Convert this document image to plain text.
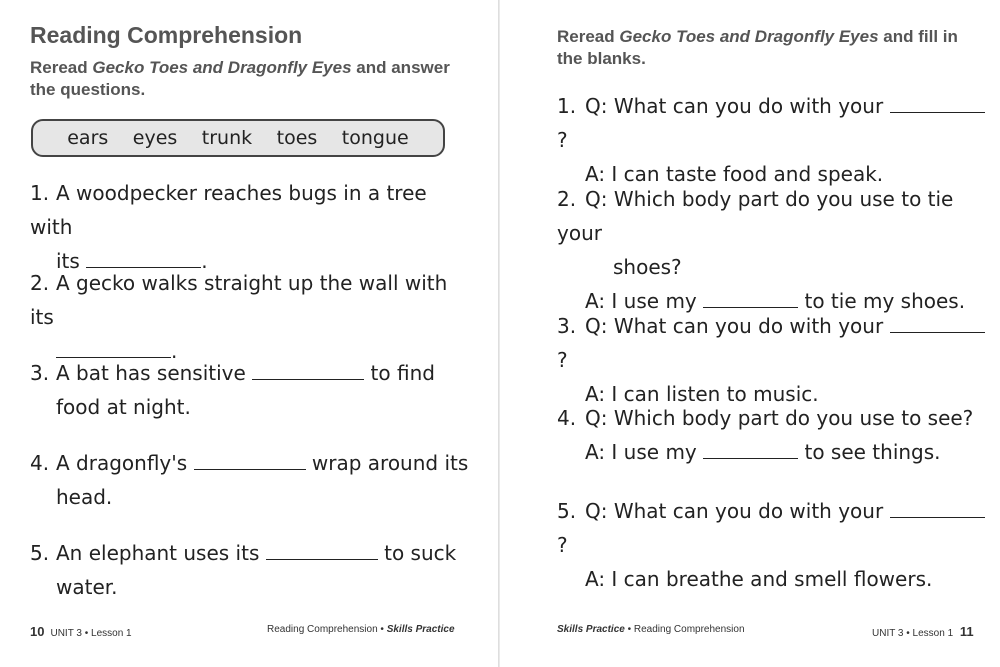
Reading Comprehension
Reread Gecko Toes and Dragonfly Eyes and answer the questions.
ears eyes trunk toes tongue
1. A woodpecker reaches bugs in a tree with
its	.
2. A gecko walks straight up the wall with its
.
3. A bat has sensitive	to find
food at night.
4. A dragonfly's	wrap around its
head.
5. An elephant uses its	to suck
water.
10 UNIT 3 • Lesson 1	Reading Comprehension • Skills Practice
Reread Gecko Toes and Dragonfly Eyes and fill in the blanks.
1. Q: What can you do with your ?
A: I can taste food and speak.
2. Q: Which body part do you use to tie your
shoes?
A: I use my	to tie my shoes.
3. Q: What can you do with your ?
A: I can listen to music.
4. Q: Which body part do you use to see?
A: I use my	to see things.
5. Q: What can you do with your ?
A: I can breathe and smell flowers.
Skills Practice • Reading Comprehension	UNIT 3 • Lesson 1 11
